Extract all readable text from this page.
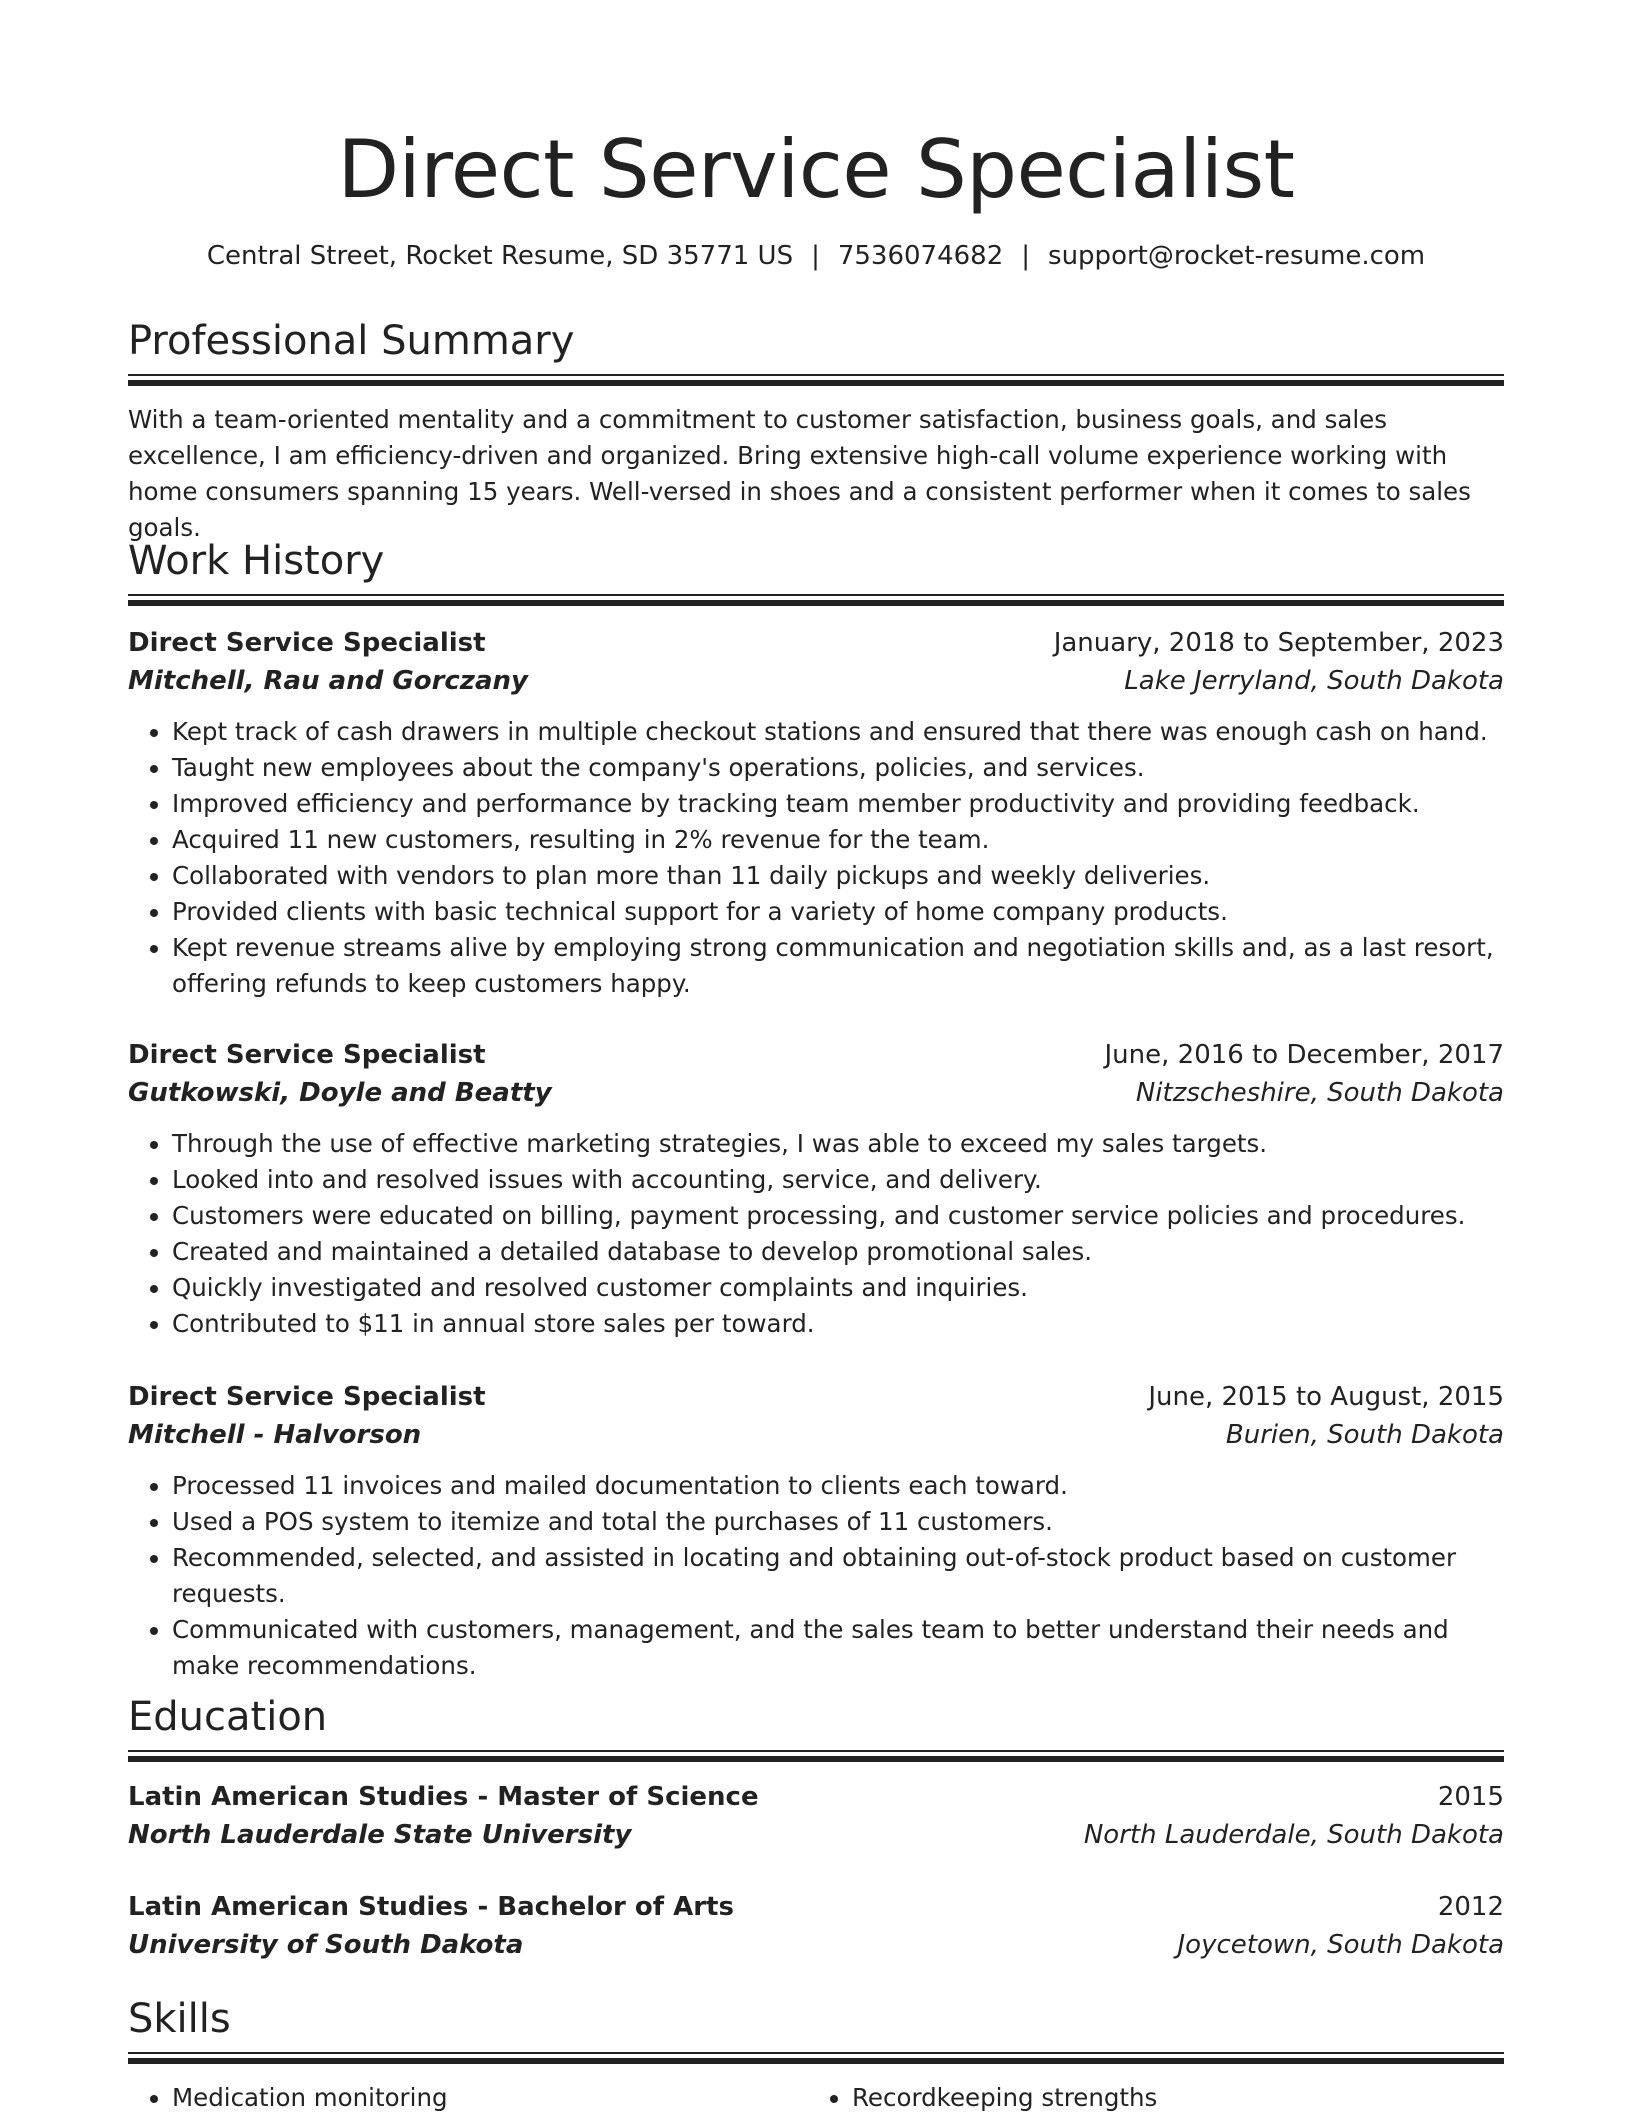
Direct Service Specialist
Central Street, Rocket Resume, SD 35771 US | 7536074682 | support@rocket-resume.com
Professional Summary
With a team-oriented mentality and a commitment to customer satisfaction, business goals, and sales excellence, I am efficiency-driven and organized. Bring extensive high-call volume experience working with home consumers spanning 15 years. Well-versed in shoes and a consistent performer when it comes to sales goals.
Work History
Direct Service Specialist	January, 2018 to September, 2023
Mitchell, Rau and Gorczany	Lake Jerryland, South Dakota
• Kept track of cash drawers in multiple checkout stations and ensured that there was enough cash on hand.
• Taught new employees about the company's operations, policies, and services.
• Improved efficiency and performance by tracking team member productivity and providing feedback.
• Acquired 11 new customers, resulting in 2% revenue for the team.
• Collaborated with vendors to plan more than 11 daily pickups and weekly deliveries.
• Provided clients with basic technical support for a variety of home company products.
• Kept revenue streams alive by employing strong communication and negotiation skills and, as a last resort, offering refunds to keep customers happy.
Direct Service Specialist	June, 2016 to December, 2017
Gutkowski, Doyle and Beatty	Nitzscheshire, South Dakota
• Through the use of effective marketing strategies, I was able to exceed my sales targets.
• Looked into and resolved issues with accounting, service, and delivery.
• Customers were educated on billing, payment processing, and customer service policies and procedures.
• Created and maintained a detailed database to develop promotional sales.
• Quickly investigated and resolved customer complaints and inquiries.
• Contributed to $11 in annual store sales per toward.
Direct Service Specialist	June, 2015 to August, 2015
Mitchell - Halvorson	Burien, South Dakota
• Processed 11 invoices and mailed documentation to clients each toward.
• Used a POS system to itemize and total the purchases of 11 customers.
• Recommended, selected, and assisted in locating and obtaining out-of-stock product based on customer requests.
• Communicated with customers, management, and the sales team to better understand their needs and make recommendations.
Education
Latin American Studies - Master of Science	2015
North Lauderdale State University	North Lauderdale, South Dakota
Latin American Studies - Bachelor of Arts	2012
University of South Dakota	Joycetown, South Dakota
Skills
• Medication monitoring
•	Recordkeeping strengths
